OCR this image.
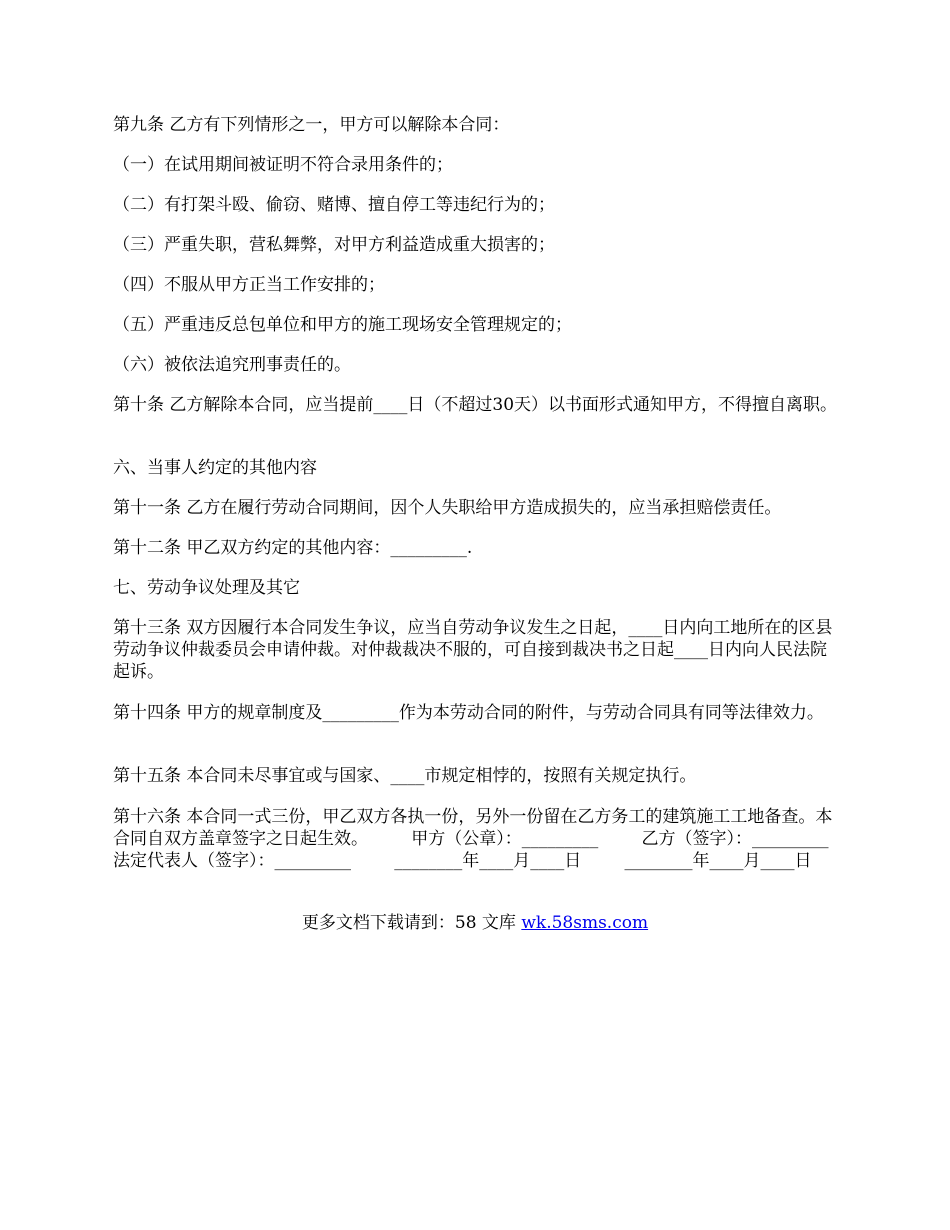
第九条 乙方有下列情形之一，甲方可以解除本合同：

（一）在试用期间被证明不符合录用条件的；

（二）有打架斗殴、偷窃、赌博、擅自停工等违纪行为的；

（三）严重失职，营私舞弊，对甲方利益造成重大损害的；

（四）不服从甲方正当工作安排的；

（五）严重违反总包单位和甲方的施工现场安全管理规定的；

（六）被依法追究刑事责任的。

第十条 乙方解除本合同，应当提前____日（不超过30天）以书面形式通知甲方，不得擅自离职。

六、当事人约定的其他内容

第十一条 乙方在履行劳动合同期间，因个人失职给甲方造成损失的，应当承担赔偿责任。

第十二条 甲乙双方约定的其他内容：_________.

七、劳动争议处理及其它

第十三条 双方因履行本合同发生争议，应当自劳动争议发生之日起，____日内向工地所在的区县劳动争议仲裁委员会申请仲裁。对仲裁裁决不服的，可自接到裁决书之日起____日内向人民法院起诉。

第十四条 甲方的规章制度及_________作为本劳动合同的附件，与劳动合同具有同等法律效力。

第十五条 本合同未尽事宜或与国家、____市规定相悖的，按照有关规定执行。

第十六条 本合同一式三份，甲乙双方各执一份，另外一份留在乙方务工的建筑施工工地备查。本合同自双方盖章签字之日起生效。        甲方（公章）：_________        乙方（签字）：_________        法定代表人（签字）：_________        ________年____月____日        ________年____月____日

更多文档下载请到：58 文库 wk.58sms.com
